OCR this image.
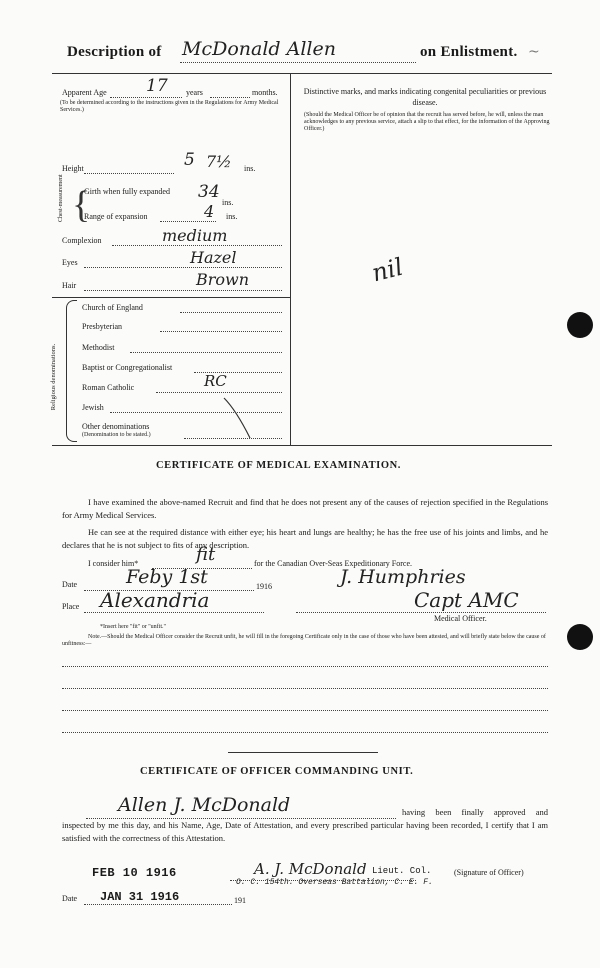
Description of McDonald Allen	on Enlistment. ~
Apparent Age 17 years	months.
(To be determined according to the instructions given in the Regulations for Army Medical Services.)
Height	5 7½ ins.
Chest-measurement {
Girth when fully expanded	34
ins.
Range of expansion	4 ins.
Complexion	medium
Eyes	Hazel
Hair	Brown
Religious denominations.
Church of England
Presbyterian
Methodist
Baptist or Congregationalist
Roman Catholic	RC
Jewish
Other denominations
(Denomination to be stated.)
Distinctive marks, and marks indicating congenital peculiarities or previous disease.
(Should the Medical Officer be of opinion that the recruit has served before, he will, unless the man acknowledges to any previous service, attach a slip to that effect, for the information of the Approving Officer.)
nil
CERTIFICATE OF MEDICAL EXAMINATION.
I have examined the above-named Recruit and find that he does not present any of the causes of rejection specified in the Regulations for Army Medical Services.
He can see at the required distance with either eye; his heart and lungs are healthy; he has the free use of his joints and limbs, and he declares that he is not subject to fits of any description.
I consider him*	fit	for the Canadian Over-Seas Expeditionary Force.
Date	Feby 1st	1916	J. Humphries
Place Alexandria	Capt AMC
Medical Officer.
*Insert here "fit" or "unfit."
Note.—Should the Medical Officer consider the Recruit unfit, he will fill in the foregoing Certificate only in the case of those who have been attested, and will briefly state below the cause of unfitness:—
CERTIFICATE OF OFFICER COMMANDING UNIT.
Allen J. McDonald	having been finally approved and inspected by me this day, and his Name, Age, Date of Attestation, and every prescribed particular having been recorded, I certify that I am satisfied with the correctness of this Attestation.
FEB 10 1916	A. J. McDonald Lieut. Col.
O. C. 154th. Overseas Battalion, C. E. F.
(Signature of Officer)
Date JAN 31 1916	191
